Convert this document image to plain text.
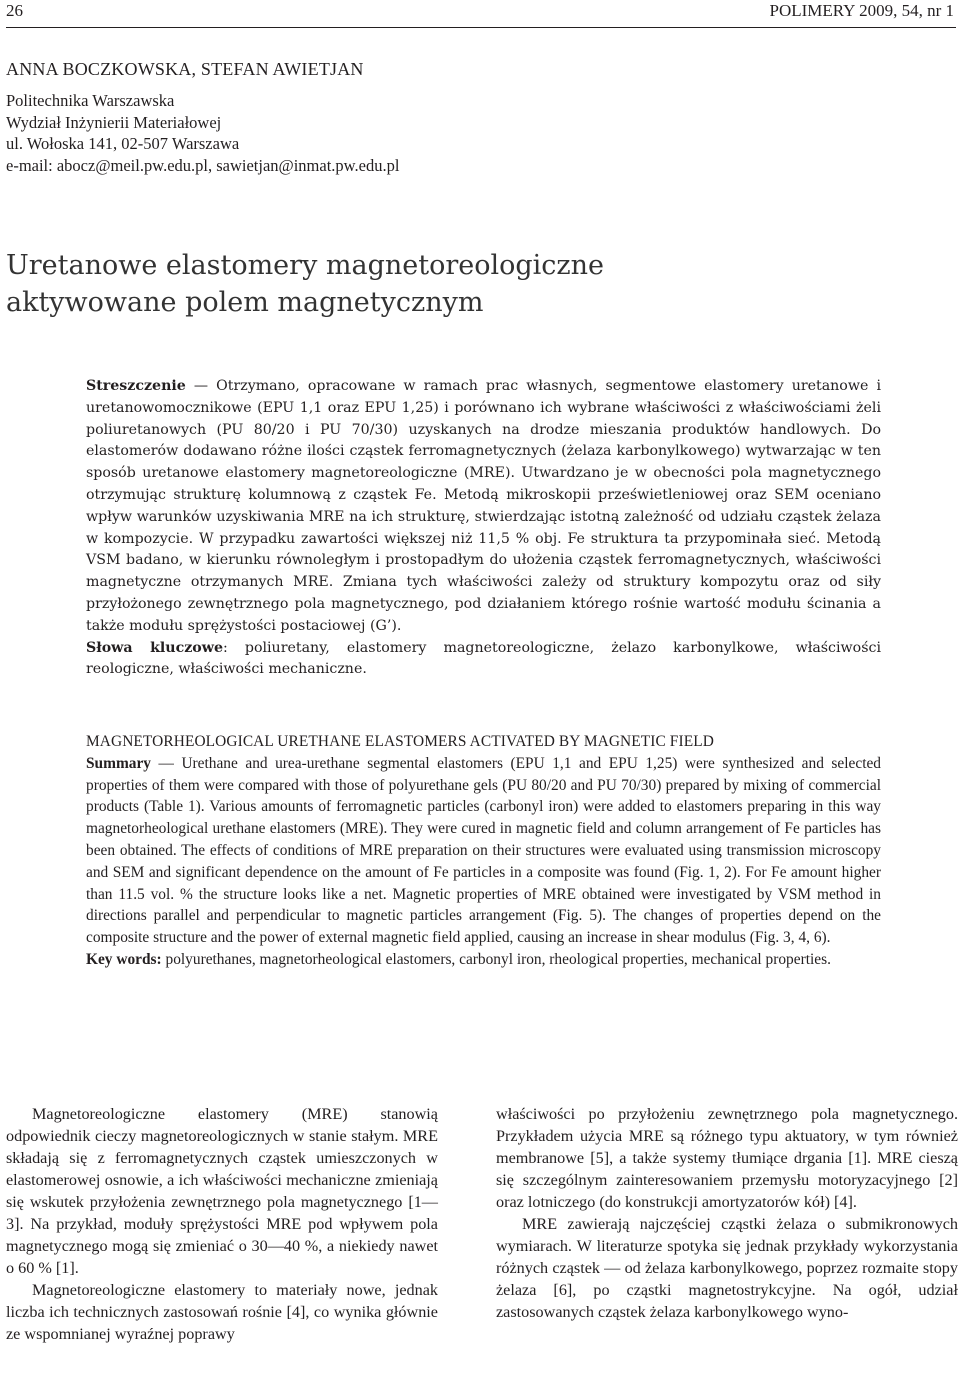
26	POLIMERY 2009, 54, nr 1
ANNA BOCZKOWSKA, STEFAN AWIETJAN
Politechnika Warszawska
Wydział Inżynierii Materiałowej
ul. Wołoska 141, 02-507 Warszawa
e-mail: abocz@meil.pw.edu.pl, sawietjan@inmat.pw.edu.pl
Uretanowe elastomery magnetoreologiczne
aktywowane polem magnetycznym
Streszczenie — Otrzymano, opracowane w ramach prac własnych, segmentowe elastomery uretanowe i uretanowomocznikowe (EPU 1,1 oraz EPU 1,25) i porównano ich wybrane właściwości z właściwościami żeli poliuretanowych (PU 80/20 i PU 70/30) uzyskanych na drodze mieszania produktów handlowych. Do elastomerów dodawano różne ilości cząstek ferromagnetycznych (żelaza karbonylkowego) wytwarzając w ten sposób uretanowe elastomery magnetoreologiczne (MRE). Utwardzano je w obecności pola magnetycznego otrzymując strukturę kolumnową z cząstek Fe. Metodą mikroskopii prześwietleniowej oraz SEM oceniano wpływ warunków uzyskiwania MRE na ich strukturę, stwierdzając istotną zależność od udziału cząstek żelaza w kompozycie. W przypadku zawartości większej niż 11,5 % obj. Fe struktura ta przypominała sieć. Metodą VSM badano, w kierunku równoległym i prostopadłym do ułożenia cząstek ferromagnetycznych, właściwości magnetyczne otrzymanych MRE. Zmiana tych właściwości zależy od struktury kompozytu oraz od siły przyłożonego zewnętrznego pola magnetycznego, pod działaniem którego rośnie wartość modułu ścinania a także modułu sprężystości postaciowej (G’).
Słowa kluczowe: poliuretany, elastomery magnetoreologiczne, żelazo karbonylkowe, właściwości reologiczne, właściwości mechaniczne.
MAGNETORHEOLOGICAL URETHANE ELASTOMERS ACTIVATED BY MAGNETIC FIELD
Summary — Urethane and urea-urethane segmental elastomers (EPU 1,1 and EPU 1,25) were synthesized and selected properties of them were compared with those of polyurethane gels (PU 80/20 and PU 70/30) prepared by mixing of commercial products (Table 1). Various amounts of ferromagnetic particles (carbonyl iron) were added to elastomers preparing in this way magnetorheological urethane elastomers (MRE). They were cured in magnetic field and column arrangement of Fe particles has been obtained. The effects of conditions of MRE preparation on their structures were evaluated using transmission microscopy and SEM and significant dependence on the amount of Fe particles in a composite was found (Fig. 1, 2). For Fe amount higher than 11.5 vol. % the structure looks like a net. Magnetic properties of MRE obtained were investigated by VSM method in directions parallel and perpendicular to magnetic particles arrangement (Fig. 5). The changes of properties depend on the composite structure and the power of external magnetic field applied, causing an increase in shear modulus (Fig. 3, 4, 6).
Key words: polyurethanes, magnetorheological elastomers, carbonyl iron, rheological properties, mechanical properties.

Magnetoreologiczne elastomery (MRE) stanowią odpowiednik cieczy magnetoreologicznych w stanie stałym. MRE składają się z ferromagnetycznych cząstek umieszczonych w elastomerowej osnowie, a ich właściwości mechaniczne zmieniają się wskutek przyłożenia zewnętrznego pola magnetycznego [1—3]. Na przykład, moduły sprężystości MRE pod wpływem pola magnetycznego mogą się zmieniać o 30—40 %, a niekiedy nawet o 60 % [1].

Magnetoreologiczne elastomery to materiały nowe, jednak liczba ich technicznych zastosowań rośnie [4], co wynika głównie ze wspomnianej wyraźnej poprawy

właściwości po przyłożeniu zewnętrznego pola magnetycznego. Przykładem użycia MRE są różnego typu aktuatory, w tym również membranowe [5], a także systemy tłumiące drgania [1]. MRE cieszą się szczególnym zainteresowaniem przemysłu motoryzacyjnego [2] oraz lotniczego (do konstrukcji amortyzatorów kół) [4].

MRE zawierają najczęściej cząstki żelaza o submikronowych wymiarach. W literaturze spotyka się jednak przykłady wykorzystania różnych cząstek — od żelaza karbonylkowego, poprzez rozmaite stopy żelaza [6], po cząstki magnetostrykcyjne. Na ogół, udział zastosowanych cząstek żelaza karbonylkowego wyno-
